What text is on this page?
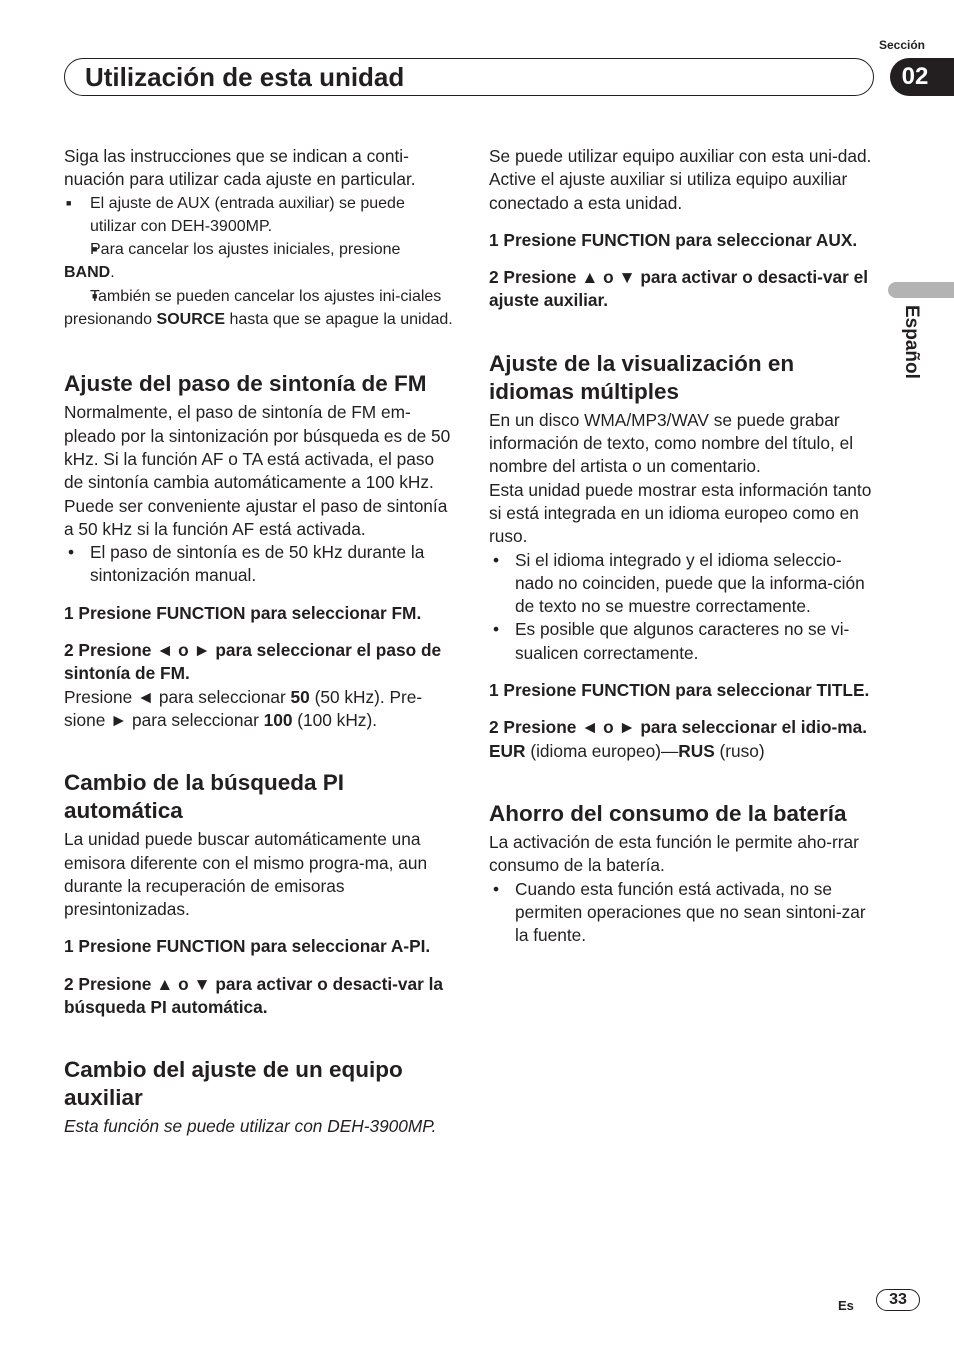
Sección
Utilización de esta unidad	02
Español

Siga las instrucciones que se indican a conti-nuación para utilizar cada ajuste en particular.

■ El ajuste de AUX (entrada auxiliar) se puede utilizar con DEH-3900MP.

■ Para cancelar los ajustes iniciales, presione
BAND.

■ También se pueden cancelar los ajustes ini-ciales presionando SOURCE hasta que se apague la unidad.

Ajuste del paso de sintonía de FM

Normalmente, el paso de sintonía de FM em-pleado por la sintonización por búsqueda es de 50 kHz. Si la función AF o TA está activada, el paso de sintonía cambia automáticamente a 100 kHz. Puede ser conveniente ajustar el paso de sintonía a 50 kHz si la función AF está activada.

• El paso de sintonía es de 50 kHz durante la sintonización manual.

1 Presione FUNCTION para seleccionar FM.

2 Presione ◄ o ► para seleccionar el paso de sintonía de FM.

Presione ◄ para seleccionar 50 (50 kHz). Pre-sione ► para seleccionar 100 (100 kHz).

Cambio de la búsqueda PI automática

La unidad puede buscar automáticamente una emisora diferente con el mismo progra-ma, aun durante la recuperación de emisoras presintonizadas.

1 Presione FUNCTION para seleccionar A-PI.

2 Presione ▲ o ▼ para activar o desacti-var la búsqueda PI automática.

Cambio del ajuste de un equipo auxiliar

Esta función se puede utilizar con DEH-3900MP.

Se puede utilizar equipo auxiliar con esta uni-dad. Active el ajuste auxiliar si utiliza equipo auxiliar conectado a esta unidad.

1 Presione FUNCTION para seleccionar AUX.

2 Presione ▲ o ▼ para activar o desacti-var el ajuste auxiliar.

Ajuste de la visualización en idiomas múltiples

En un disco WMA/MP3/WAV se puede grabar información de texto, como nombre del título, el nombre del artista o un comentario.

Esta unidad puede mostrar esta información tanto si está integrada en un idioma europeo como en ruso.

• Si el idioma integrado y el idioma seleccio-nado no coinciden, puede que la informa-ción de texto no se muestre correctamente.

• Es posible que algunos caracteres no se vi-sualicen correctamente.

1 Presione FUNCTION para seleccionar TITLE.

2 Presione ◄ o ► para seleccionar el idio-ma.

EUR (idioma europeo)—RUS (ruso)

Ahorro del consumo de la batería

La activación de esta función le permite aho-rrar consumo de la batería.

• Cuando esta función está activada, no se permiten operaciones que no sean sintoni-zar la fuente.

Es	33
